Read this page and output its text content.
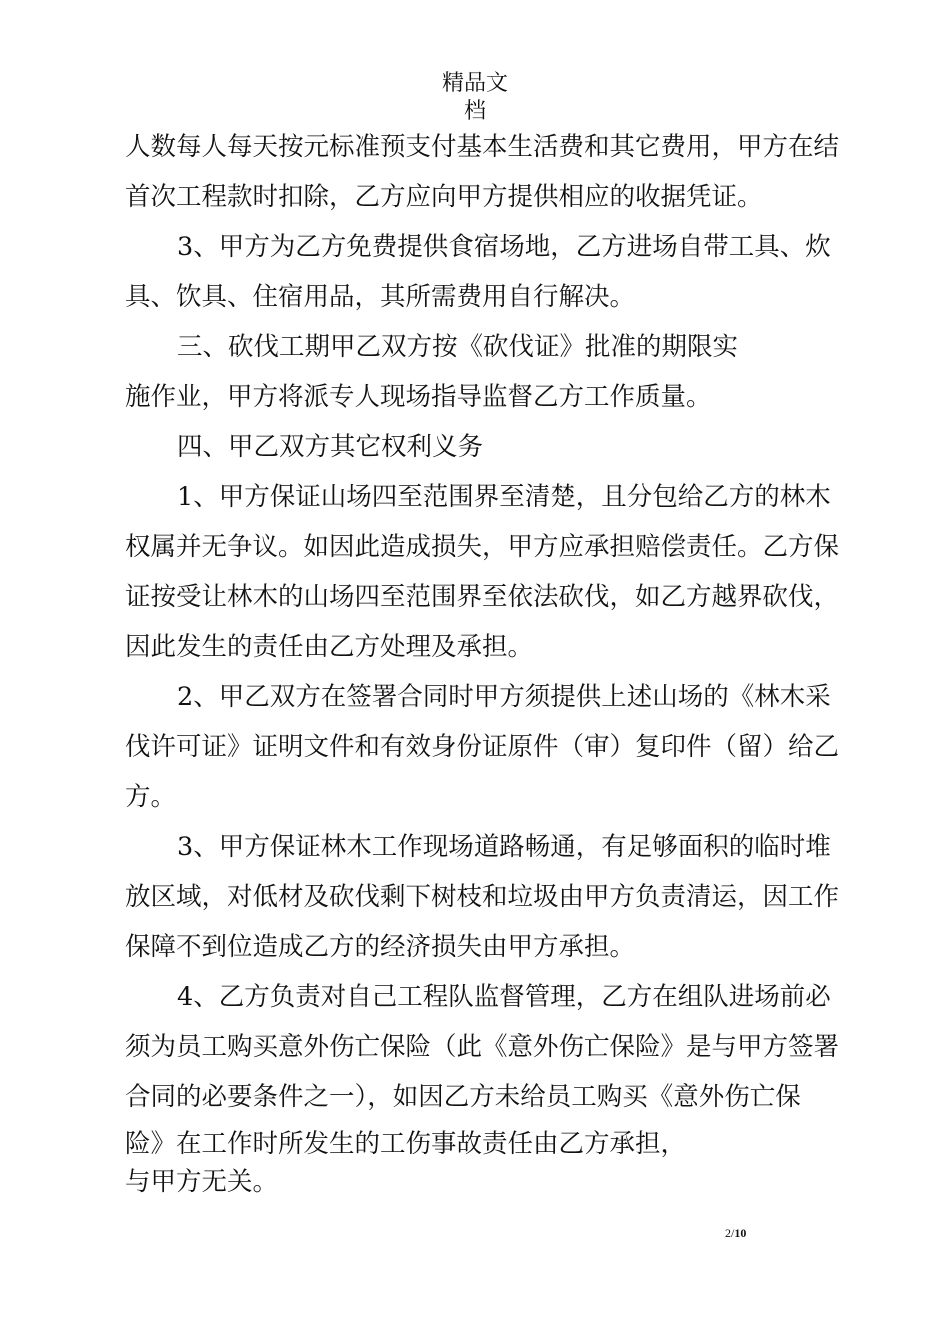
精品文
档
人数每人每天按元标准预支付基本生活费和其它费用，甲方在结
首次工程款时扣除，乙方应向甲方提供相应的收据凭证。
3、甲方为乙方免费提供食宿场地，乙方进场自带工具、炊
具、饮具、住宿用品，其所需费用自行解决。
三、砍伐工期甲乙双方按《砍伐证》批准的期限实
施作业，甲方将派专人现场指导监督乙方工作质量。
四、甲乙双方其它权利义务
1、甲方保证山场四至范围界至清楚，且分包给乙方的林木
权属并无争议。如因此造成损失，甲方应承担赔偿责任。乙方保
证按受让林木的山场四至范围界至依法砍伐，如乙方越界砍伐，
因此发生的责任由乙方处理及承担。
2、甲乙双方在签署合同时甲方须提供上述山场的《林木采
伐许可证》证明文件和有效身份证原件（审）复印件（留）给乙
方。
3、甲方保证林木工作现场道路畅通，有足够面积的临时堆
放区域，对低材及砍伐剩下树枝和垃圾由甲方负责清运，因工作
保障不到位造成乙方的经济损失由甲方承担。
4、乙方负责对自己工程队监督管理，乙方在组队进场前必
须为员工购买意外伤亡保险（此《意外伤亡保险》是与甲方签署
合同的必要条件之一），如因乙方未给员工购买《意外伤亡保
险》在工作时所发生的工伤事故责任由乙方承担，
与甲方无关。
2/10
